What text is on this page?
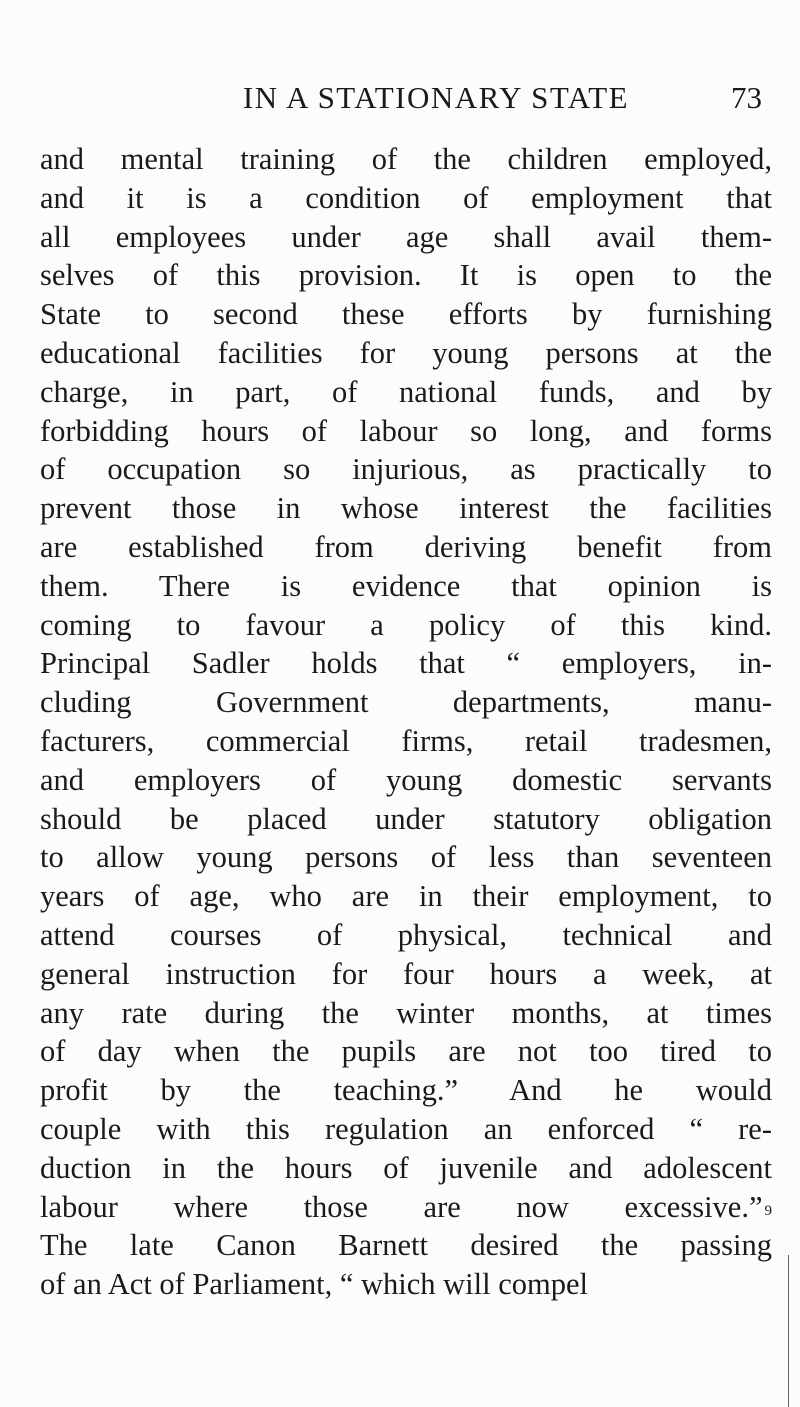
IN A STATIONARY STATE	73
and mental training of the children employed,
and it is a condition of employment that
all employees under age shall avail them-
selves of this provision. It is open to the
State to second these efforts by furnishing
educational facilities for young persons at the
charge, in part, of national funds, and by
forbidding hours of labour so long, and forms
of occupation so injurious, as practically to
prevent those in whose interest the facilities
are established from deriving benefit from
them. There is evidence that opinion is
coming to favour a policy of this kind.
Principal Sadler holds that “ employers, in-
cluding Government departments, manu-
facturers, commercial firms, retail tradesmen,
and employers of young domestic servants
should be placed under statutory obligation
to allow young persons of less than seventeen
years of age, who are in their employment, to
attend courses of physical, technical and
general instruction for four hours a week, at
any rate during the winter months, at times
of day when the pupils are not too tired to
profit by the teaching.” And he would
couple with this regulation an enforced “ re-
duction in the hours of juvenile and adolescent
labour where those are now excessive.” $^9$
The late Canon Barnett desired the passing
of an Act of Parliament, “ which will compel
